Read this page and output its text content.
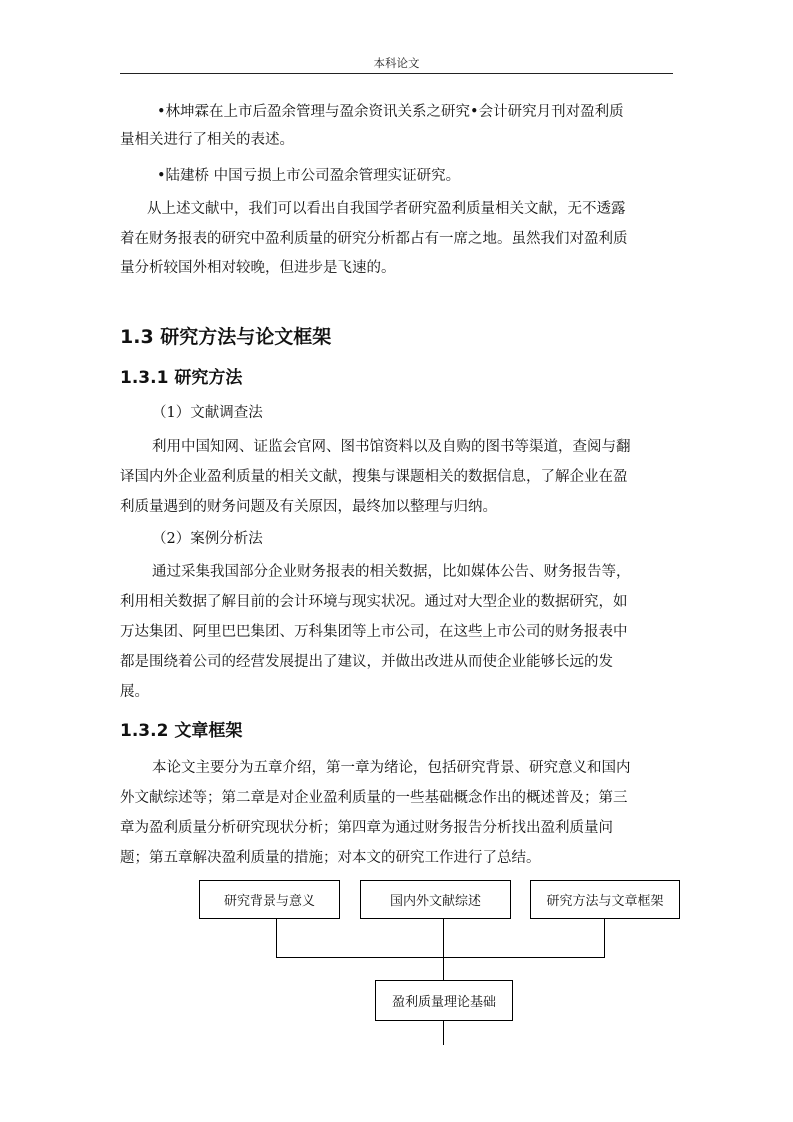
本科论文
•林坤霖在上市后盈余管理与盈余资讯关系之研究•会计研究月刊对盈利质
量相关进行了相关的表述。
•陆建桥 中国亏损上市公司盈余管理实证研究。
从上述文献中，我们可以看出自我国学者研究盈利质量相关文献，无不透露
着在财务报表的研究中盈利质量的研究分析都占有一席之地。虽然我们对盈利质
量分析较国外相对较晚，但进步是飞速的。
1.3 研究方法与论文框架
1.3.1 研究方法
（1）文献调查法
利用中国知网、证监会官网、图书馆资料以及自购的图书等渠道，查阅与翻
译国内外企业盈利质量的相关文献，搜集与课题相关的数据信息，了解企业在盈
利质量遇到的财务问题及有关原因，最终加以整理与归纳。
（2）案例分析法
通过采集我国部分企业财务报表的相关数据，比如媒体公告、财务报告等，
利用相关数据了解目前的会计环境与现实状况。通过对大型企业的数据研究，如
万达集团、阿里巴巴集团、万科集团等上市公司，在这些上市公司的财务报表中
都是围绕着公司的经营发展提出了建议，并做出改进从而使企业能够长远的发
展。
1.3.2 文章框架
本论文主要分为五章介绍，第一章为绪论，包括研究背景、研究意义和国内
外文献综述等；第二章是对企业盈利质量的一些基础概念作出的概述普及；第三
章为盈利质量分析研究现状分析；第四章为通过财务报告分析找出盈利质量问
题；第五章解决盈利质量的措施；对本文的研究工作进行了总结。
研究背景与意义	国内外文献综述	研究方法与文章框架
盈利质量理论基础
